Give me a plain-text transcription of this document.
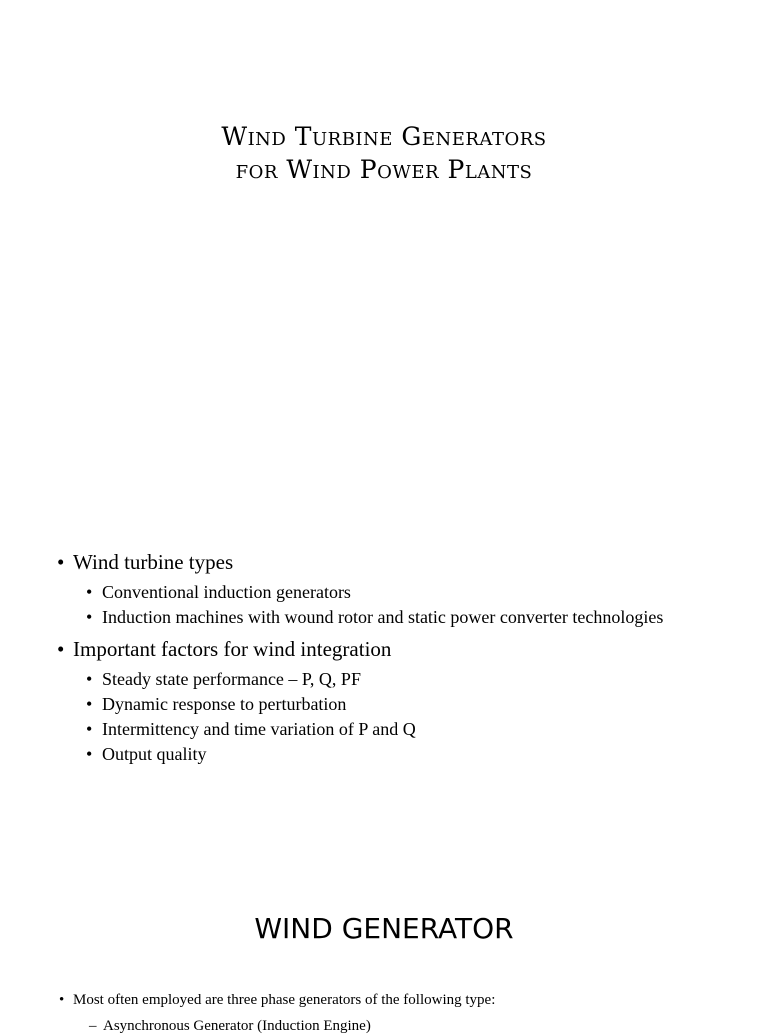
Wind Turbine Generators
for Wind Power Plants
• Wind turbine types
• Conventional induction generators
• Induction machines with wound rotor and static power converter technologies
• Important factors for wind integration
• Steady state performance – P, Q, PF
• Dynamic response to perturbation
• Intermittency and time variation of P and Q
• Output quality
WIND GENERATOR
• Most often employed are three phase generators of the following type:
– Asynchronous Generator (Induction Engine)
